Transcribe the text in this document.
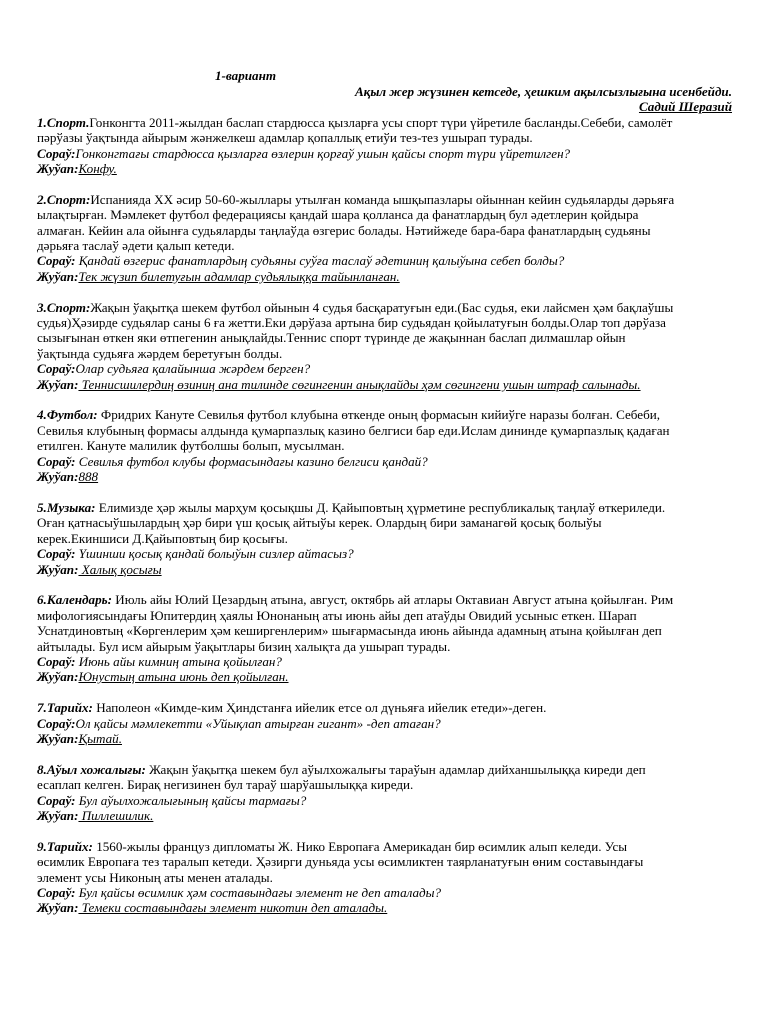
1-вариант
Ақыл жер жүзинен кетседе, ҳешким ақылсызлығына исенбейди.
Садий Шеразий
1.Спорт.Гонконгта 2011-жылдан баслап стардюсса қызларға усы спорт түри үйретиле басланды.Себеби, самолёт
пәрўазы ўақтында айырым жәнжелкеш адамлар қопаллық етиўи тез-тез ушырап турады.
Сораў:Гонконгтағы стардюсса қызларға өзлерин қорғаў ушын қайсы спорт түри үйретилген?
Жуўап:Конфу.
2.Спорт:Испанияда ХХ әсир 50-60-жыллары утылған команда ышқыпазлары ойыннан кейин судьяларды дәрьяға
ылақтырған. Мәмлекет футбол федерациясы қандай шара қолланса да фанатлардың бул әдетлерин қойдыра
алмаған. Кейин ала ойынға судьяларды таңлаўда өзгерис болады. Нәтийжеде бара-бара фанатлардың судьяны
дәрьяға таслаў әдети қалып кетеди.
Сораў: Қандай өзгерис фанатлардың судьяны суўға таслаў әдетиниң қалыўына себеп болды?
Жуўап:Тек жүзип билетуғын адамлар судьялыққа тайынланған.
3.Спорт:Жақын ўақытқа шекем футбол ойынын 4 судья басқаратуғын еди.(Бас судья, еки лайсмен ҳәм бақлаўшы
судья)Ҳәзирде судьялар саны 6 ға жетти.Еки дәрўаза артына бир судьядан қойылатуғын болды.Олар топ дәрўаза
сызығынан өткен яки өтпегенин анықлайды.Теннис спорт түринде де жақыннан баслап дилмашлар ойын
ўақтында судьяға жәрдем беретуғын болды.
Сораў:Олар судьяға қалайынша жәрдем берген?
Жуўап: Теннисшилердиң өзиниң ана тилинде сөгингенин анықлайды ҳәм сөгингени ушын штраф салынады.
4.Футбол: Фридрих Кануте Севилья футбол клубына өткенде оның формасын кийиўге наразы болған. Себеби,
Севилья клубының формасы алдында қумарпазлық казино белгиси бар еди.Ислам дининде қумарпазлық қадаған
етилген. Кануте малилик футболшы болып, мусылман.
Сораў: Севилья футбол клубы формасындағы казино белгиси қандай?
Жуўап:888
5.Музыка: Елимизде ҳәр жылы марҳум қосықшы Д. Қайыповтың ҳүрметине республикалық таңлаў өткериледи.
Оған қатнасыўшылардың ҳәр бири үш қосық айтыўы керек. Олардың бири заманагөй қосық болыўы
керек.Екиншиси Д.Қайыповтың бир қосығы.
Сораў: Үшинши қосық қандай болыўын сизлер айтасыз?
Жуўап: Халық қосығы
6.Календарь: Июль айы Юлий Цезардың атына, август, октябрь ай атлары Октавиан Август атына қойылған. Рим
мифологиясындағы Юпитердиң ҳаялы Юнонаның аты июнь айы деп атаўды Овидий усыныс еткен. Шарап
Уснатдиновтың «Көргенлерим ҳәм кеширгенлерим» шығармасында июнь айында адамның атына қойылған деп
айтылады. Бул исм айырым ўақытлары бизиң халықта да ушырап турады.
Сораў: Июнь айы кимниң атына қойылған?
Жуўап:Юнустың атына июнь деп қойылған.
7.Тарийх: Наполеон «Кимде-ким Ҳиндстанға ийелик етсе ол дүньяға ийелик етеди»-деген.
Сораў:Ол қайсы мәмлекетти «Уйықлап атырған гигант» -деп атаған?
Жуўап:Қытай.
8.Аўыл хожалығы: Жақын ўақытқа шекем бул аўылхожалығы тараўын адамлар дийханшылыққа киреди деп
есаплап келген. Бирақ негизинен бул тараў шарўашылыққа киреди.
Сораў: Бул аўылхожалығының қайсы тармағы?
Жуўап: Пиллешилик.
9.Тарийх: 1560-жылы француз дипломаты Ж. Нико Европаға Америкадан бир өсимлик алып келеди. Усы
өсимлик Европаға тез таралып кетеди. Ҳәзирги дуньяда усы өсимликтен таярланатуғын өним составындағы
элемент усы Никоның аты менен аталады.
Сораў: Бул қайсы өсимлик ҳәм составындағы элемент не деп аталады?
Жуўап: Темеки составындағы элемент никотин деп аталады.
